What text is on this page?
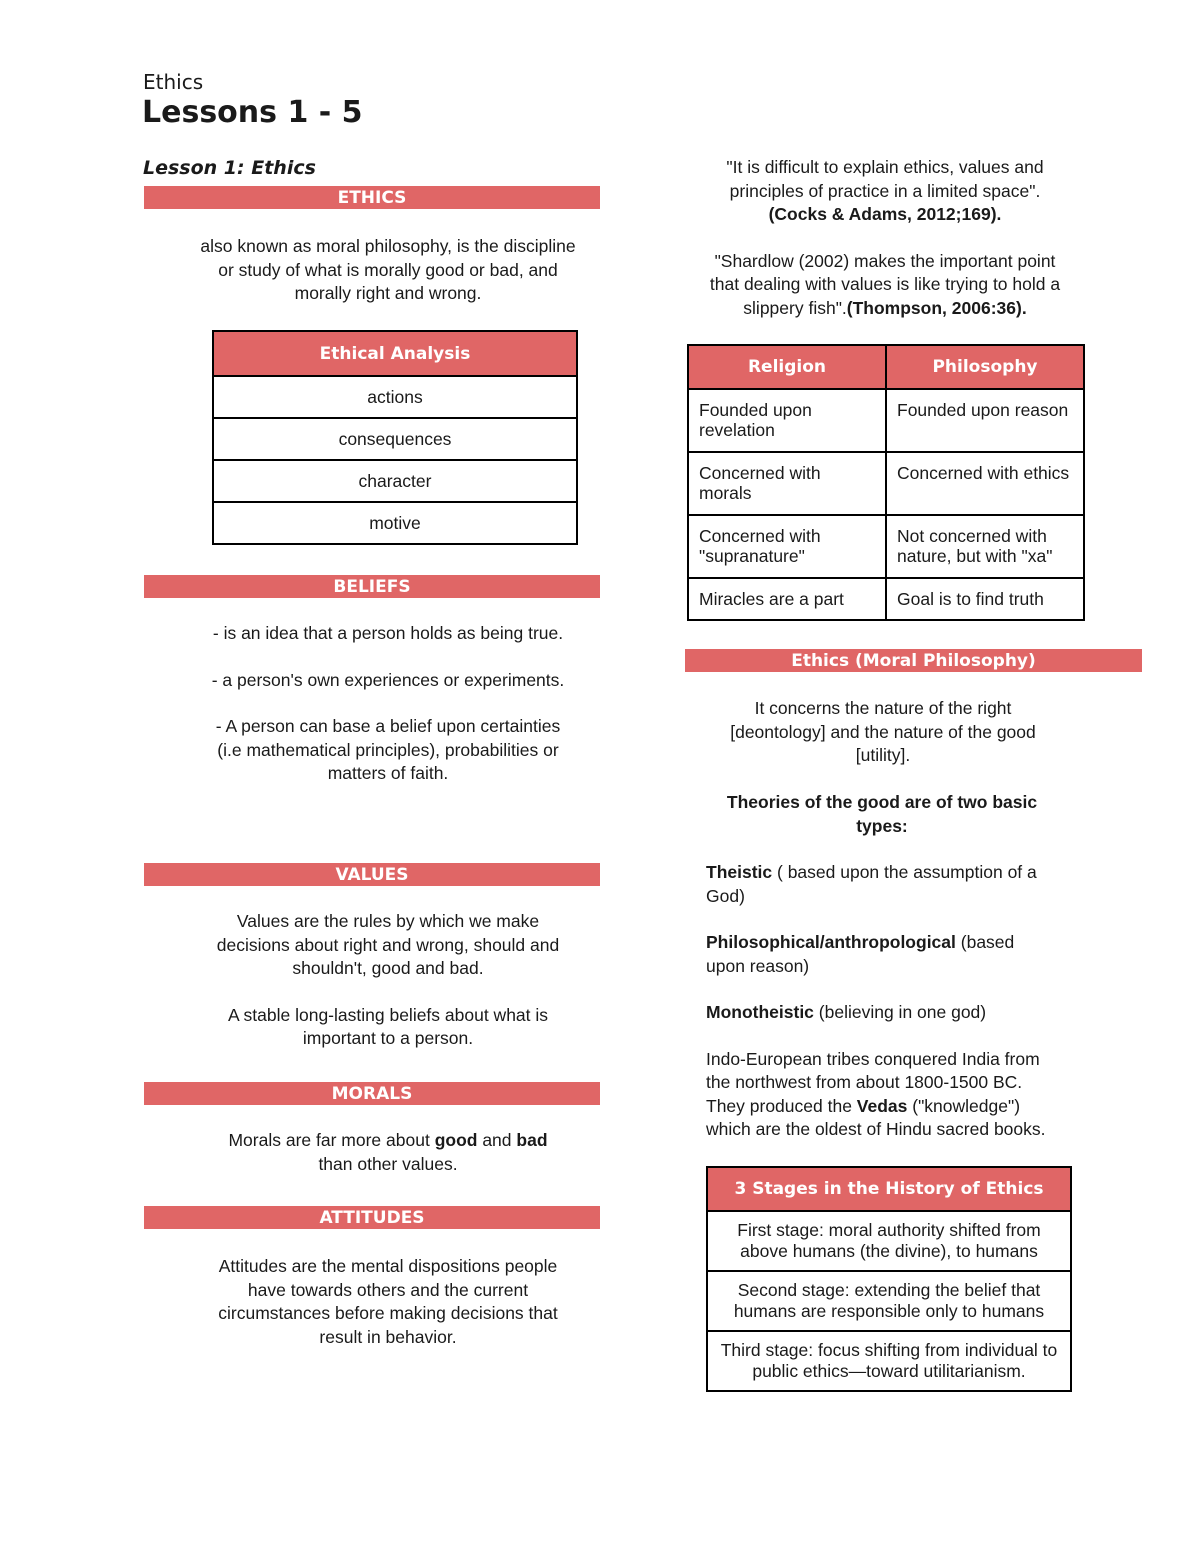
Ethics
Lessons 1 - 5
Lesson 1: Ethics
ETHICS
also known as moral philosophy, is the discipline or study of what is morally good or bad, and morally right and wrong.
Ethical Analysis
actions
consequences
character
motive
BELIEFS

- is an idea that a person holds as being true.

- a person's own experiences or experiments.

- A person can base a belief upon certainties (i.e mathematical principles), probabilities or matters of faith.

VALUES

Values are the rules by which we make decisions about right and wrong, should and shouldn't, good and bad.

A stable long-lasting beliefs about what is important to a person.

MORALS
Morals are far more about good and bad
than other values.
ATTITUDES
Attitudes are the mental dispositions people have towards others and the current circumstances before making decisions that result in behavior.
"It is difficult to explain ethics, values and principles of practice in a limited space".
(Cocks & Adams, 2012;169).
"Shardlow (2002) makes the important point that dealing with values is like trying to hold a slippery fish".(Thompson, 2006:36).
Religion	Philosophy
Founded upon revelation	Founded upon reason
Concerned with morals	Concerned with ethics
Concerned with "supranature"	Not concerned with nature, but with "xa"
Miracles are a part	Goal is to find truth
Ethics (Moral Philosophy)
It concerns the nature of the right [deontology] and the nature of the good [utility].
Theories of the good are of two basic types:

Theistic ( based upon the assumption of a God)

Philosophical/anthropological (based upon reason)

Monotheistic (believing in one god)

Indo-European tribes conquered India from the northwest from about 1800-1500 BC. They produced the Vedas ("knowledge") which are the oldest of Hindu sacred books.

3 Stages in the History of Ethics
First stage: moral authority shifted from above humans (the divine), to humans
Second stage: extending the belief that humans are responsible only to humans
Third stage: focus shifting from individual to public ethics—toward utilitarianism.
